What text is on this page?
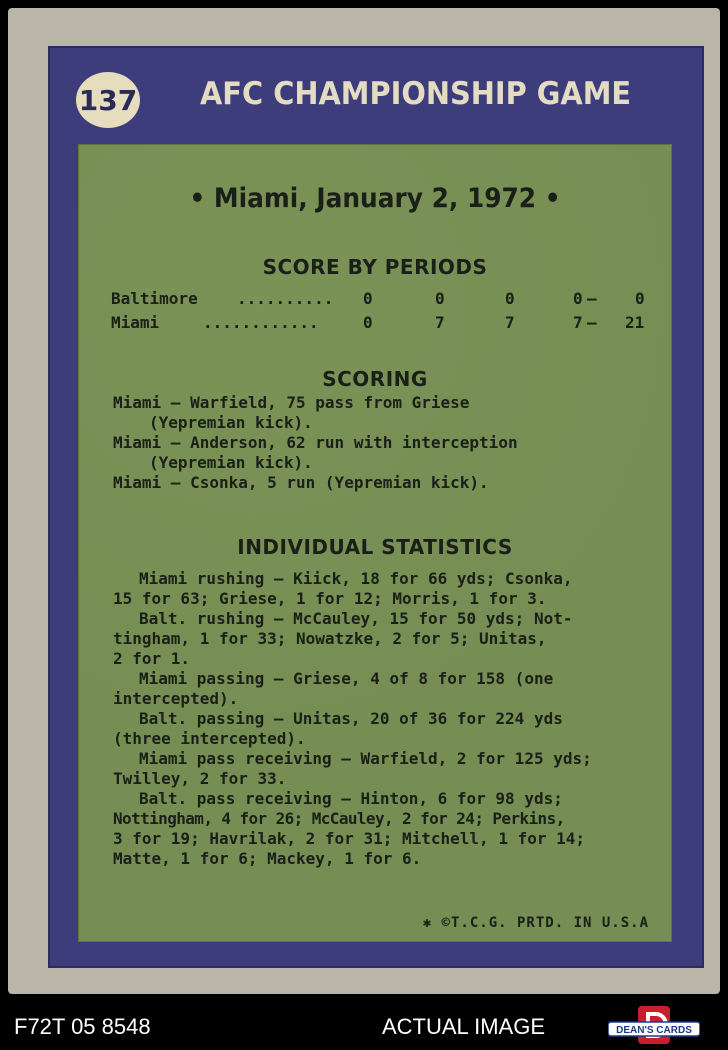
137 AFC CHAMPIONSHIP GAME
• Miami, January 2, 1972 •
SCORE BY PERIODS
Baltimore .......... 0	0	0	0 — 0
Miami	............	0	7	7	7 — 21
SCORING
Miami — Warfield, 75 pass from Griese
(Yepremian kick).
Miami — Anderson, 62 run with interception
(Yepremian kick).
Miami — Csonka, 5 run (Yepremian kick).
INDIVIDUAL STATISTICS
Miami rushing — Kiick, 18 for 66 yds; Csonka,
15 for 63; Griese, 1 for 12; Morris, 1 for 3.
Balt. rushing — McCauley, 15 for 50 yds; Not-
tingham, 1 for 33; Nowatzke, 2 for 5; Unitas,
2 for 1.
Miami passing — Griese, 4 of 8 for 158 (one
intercepted).
Balt. passing — Unitas, 20 of 36 for 224 yds
(three intercepted).
Miami pass receiving — Warfield, 2 for 125 yds;
Twilley, 2 for 33.
Balt. pass receiving — Hinton, 6 for 98 yds;
Nottingham, 4 for 26; McCauley, 2 for 24; Perkins,
3 for 19; Havrilak, 2 for 31; Mitchell, 1 for 14;
Matte, 1 for 6; Mackey, 1 for 6.
✱ ©T.C.G. PRTD. IN U.S.A
F72T 05 8548	ACTUAL IMAGE	DEAN'S CARDS
